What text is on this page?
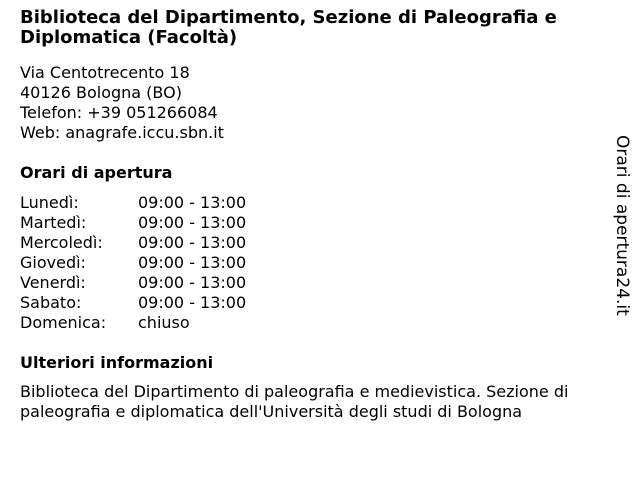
Biblioteca del Dipartimento, Sezione di Paleografia e Diplomatica (Facoltà)
Via Centotrecento 18
40126 Bologna (BO)
Telefon: +39 051266084
Web: anagrafe.iccu.sbn.it
Orari di apertura
Lunedì:	09:00 - 13:00
Martedì:	09:00 - 13:00
Mercoledì:	09:00 - 13:00
Giovedì:	09:00 - 13:00
Venerdì:	09:00 - 13:00
Sabato:	09:00 - 13:00
Domenica:	chiuso
Ulteriori informazioni
Biblioteca del Dipartimento di paleografia e medievistica. Sezione di paleografia e diplomatica dell'Università degli studi di Bologna
Orari di apertura24.it
